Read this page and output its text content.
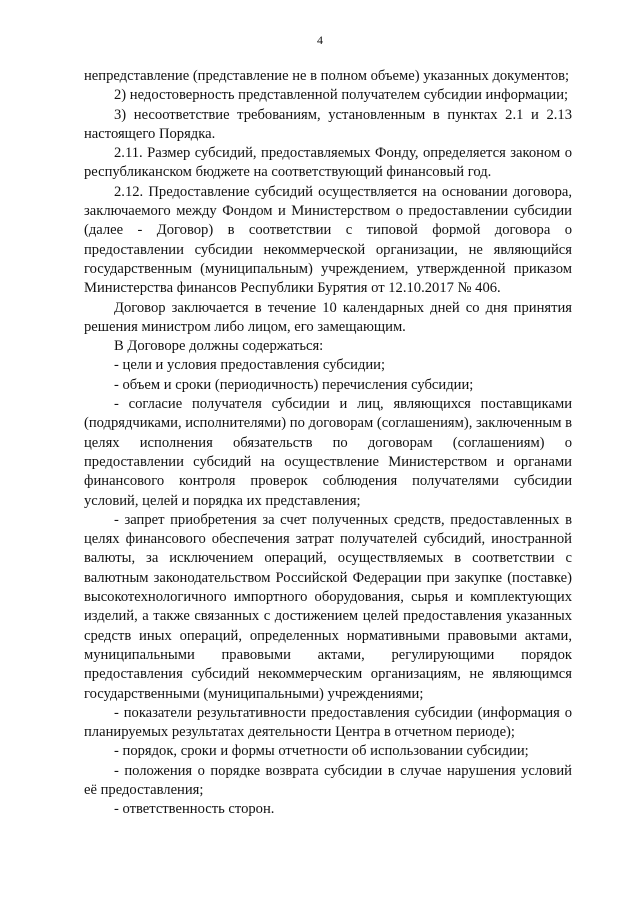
4

непредставление (представление не в полном объеме) указанных документов;

2) недостоверность представленной получателем субсидии информации;

3) несоответствие требованиям, установленным в пунктах 2.1 и 2.13 настоящего Порядка.

2.11. Размер субсидий, предоставляемых Фонду, определяется законом о республиканском бюджете на соответствующий финансовый год.

2.12. Предоставление субсидий осуществляется на основании договора, заключаемого между Фондом и Министерством о предоставлении субсидии (далее - Договор) в соответствии с типовой формой договора о предоставлении субсидии некоммерческой организации, не являющийся государственным (муниципальным) учреждением, утвержденной приказом Министерства финансов Республики Бурятия от 12.10.2017 № 406.

Договор заключается в течение 10 календарных дней со дня принятия решения министром либо лицом, его замещающим.

В Договоре должны содержаться:

- цели и условия предоставления субсидии;

- объем и сроки (периодичность) перечисления субсидии;

- согласие получателя субсидии и лиц, являющихся поставщиками (подрядчиками, исполнителями) по договорам (соглашениям), заключенным в целях исполнения обязательств по договорам (соглашениям) о предоставлении субсидий на осуществление Министерством и органами финансового контроля проверок соблюдения получателями субсидии условий, целей и порядка их представления;

- запрет приобретения за счет полученных средств, предоставленных в целях финансового обеспечения затрат получателей субсидий, иностранной валюты, за исключением операций, осуществляемых в соответствии с валютным законодательством Российской Федерации при закупке (поставке) высокотехнологичного импортного оборудования, сырья и комплектующих изделий, а также связанных с достижением целей предоставления указанных средств иных операций, определенных нормативными правовыми актами, муниципальными правовыми актами, регулирующими порядок предоставления субсидий некоммерческим организациям, не являющимся государственными (муниципальными) учреждениями;

- показатели результативности предоставления субсидии (информация о планируемых результатах деятельности Центра в отчетном периоде);

- порядок, сроки и формы отчетности об использовании субсидии;

- положения о порядке возврата субсидии в случае нарушения условий её предоставления;

- ответственность сторон.
